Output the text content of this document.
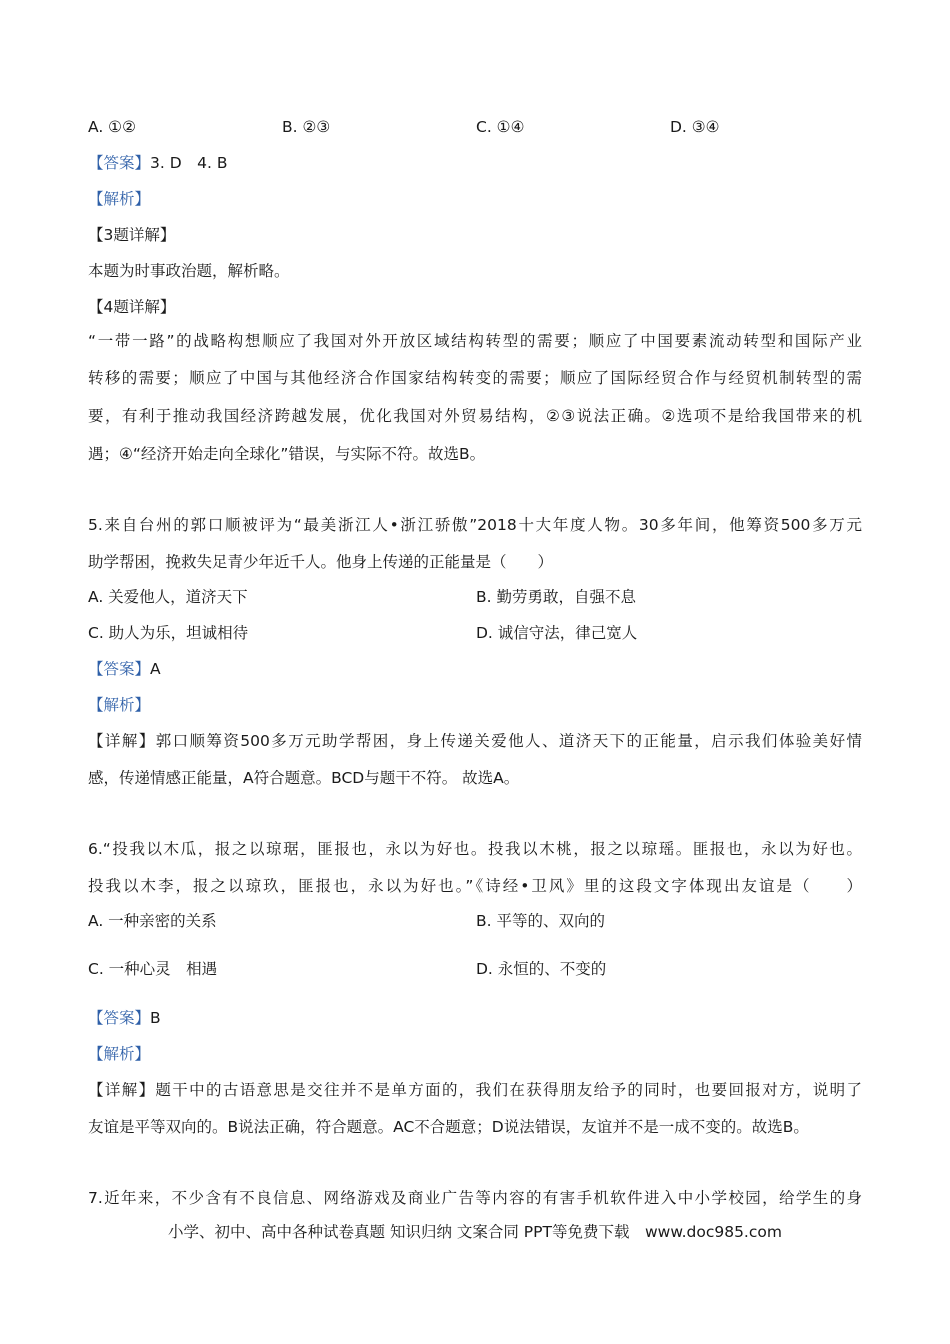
A. ①②	B. ②③	C. ①④	D. ③④
【答案】3. D　4. B
【解析】
【3题详解】
本题为时事政治题，解析略。
【4题详解】
“一带一路”的战略构想顺应了我国对外开放区域结构转型的需要；顺应了中国要素流动转型和国际产业
转移的需要；顺应了中国与其他经济合作国家结构转变的需要；顺应了国际经贸合作与经贸机制转型的需
要，有利于推动我国经济跨越发展，优化我国对外贸易结构，②③说法正确。②选项不是给我国带来的机
遇；④“经济开始走向全球化”错误，与实际不符。故选B。
5.来自台州的郭口顺被评为“最美浙江人•浙江骄傲”2018十大年度人物。30多年间，他筹资500多万元
助学帮困，挽救失足青少年近千人。他身上传递的正能量是（　　）
A. 关爱他人，道济天下	B. 勤劳勇敢，自强不息
C. 助人为乐，坦诚相待	D. 诚信守法，律己宽人
【答案】A
【解析】
【详解】郭口顺筹资500多万元助学帮困，身上传递关爱他人、道济天下的正能量，启示我们体验美好情
感，传递情感正能量，A符合题意。BCD与题干不符。 故选A。
6.“投我以木瓜，报之以琼琚，匪报也，永以为好也。投我以木桃，报之以琼瑶。匪报也，永以为好也。
投我以木李，报之以琼玖，匪报也，永以为好也。”《诗经•卫风》里的这段文字体现出友谊是（　　）
A. 一种亲密的关系	B. 平等的、双向的
C. 一种心灵　相遇	D. 永恒的、不变的
【答案】B
【解析】
【详解】题干中的古语意思是交往并不是单方面的，我们在获得朋友给予的同时，也要回报对方，说明了
友谊是平等双向的。B说法正确，符合题意。AC不合题意；D说法错误，友谊并不是一成不变的。故选B。
7.近年来，不少含有不良信息、网络游戏及商业广告等内容的有害手机软件进入中小学校园，给学生的身
小学、初中、高中各种试卷真题 知识归纳 文案合同 PPT等免费下载　www.doc985.com
